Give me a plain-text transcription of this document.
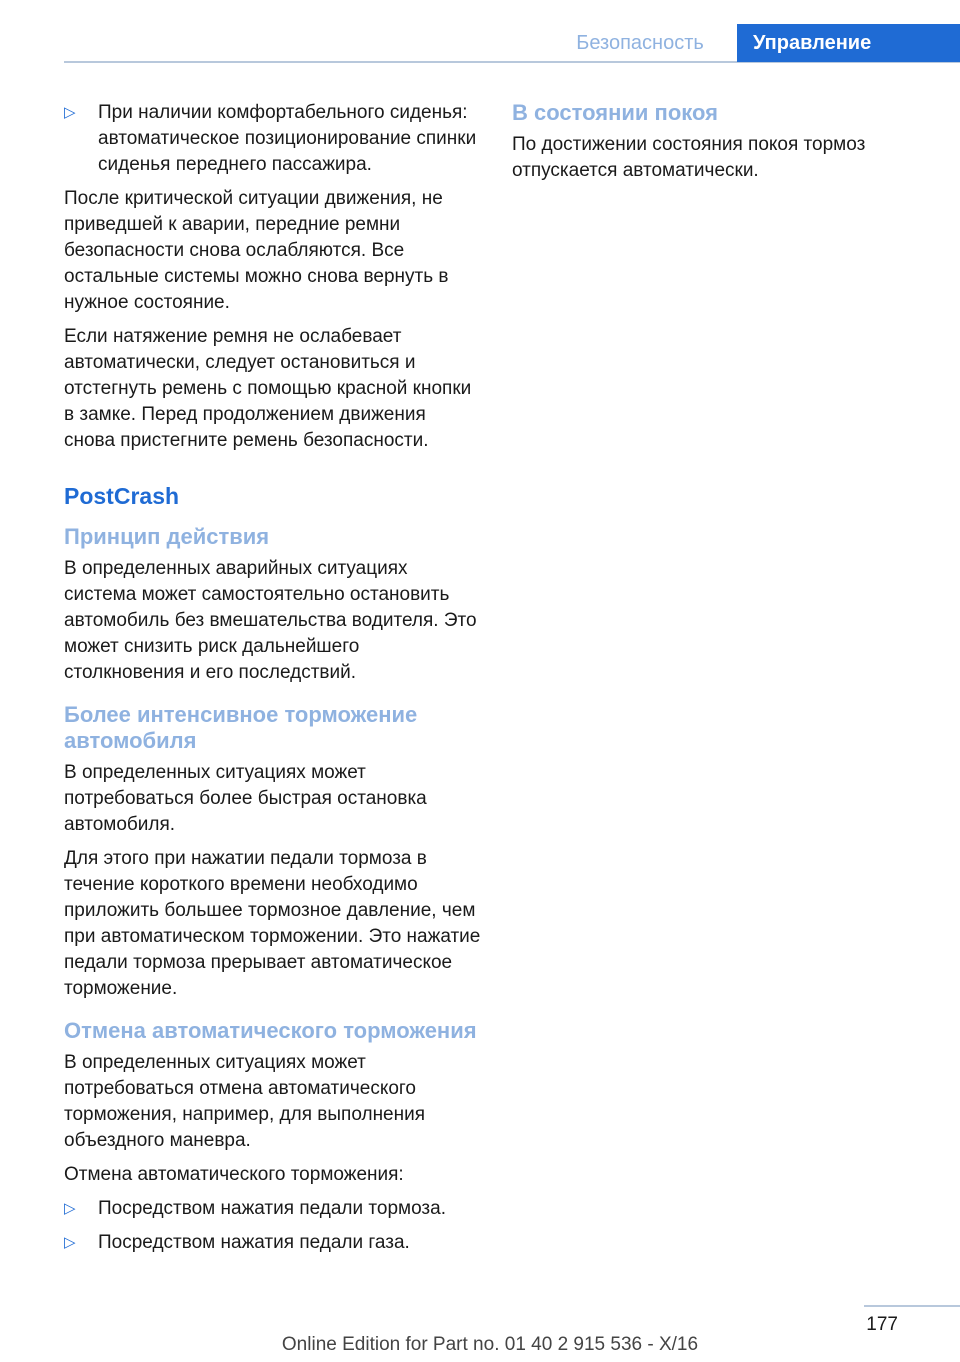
Безопасность	Управление
▷	При наличии комфортабельного сиденья: автоматическое позиционирование спинки сиденья переднего пассажира.

После критической ситуации движения, не приведшей к аварии, передние ремни безопасности снова ослабляются. Все остальные системы можно снова вернуть в нужное состояние.

Если натяжение ремня не ослабевает автоматически, следует остановиться и отстегнуть ремень с помощью красной кнопки в замке. Перед продолжением движения снова пристегните ремень безопасности.

PostCrash
Принцип действия

В определенных аварийных ситуациях система может самостоятельно остановить автомобиль без вмешательства водителя. Это может снизить риск дальнейшего столкновения и его последствий.

Более интенсивное торможение автомобиля

В определенных ситуациях может потребоваться более быстрая остановка автомобиля.

Для этого при нажатии педали тормоза в течение короткого времени необходимо приложить большее тормозное давление, чем при автоматическом торможении. Это нажатие педали тормоза прерывает автоматическое торможение.

Отмена автоматического торможения

В определенных ситуациях может потребоваться отмена автоматического торможения, например, для выполнения объездного маневра.

Отмена автоматического торможения:

▷	Посредством нажатия педали тормоза.
▷	Посредством нажатия педали газа.
В состоянии покоя

По достижении состояния покоя тормоз отпускается автоматически.

177
Online Edition for Part no. 01 40 2 915 536 - X/16
